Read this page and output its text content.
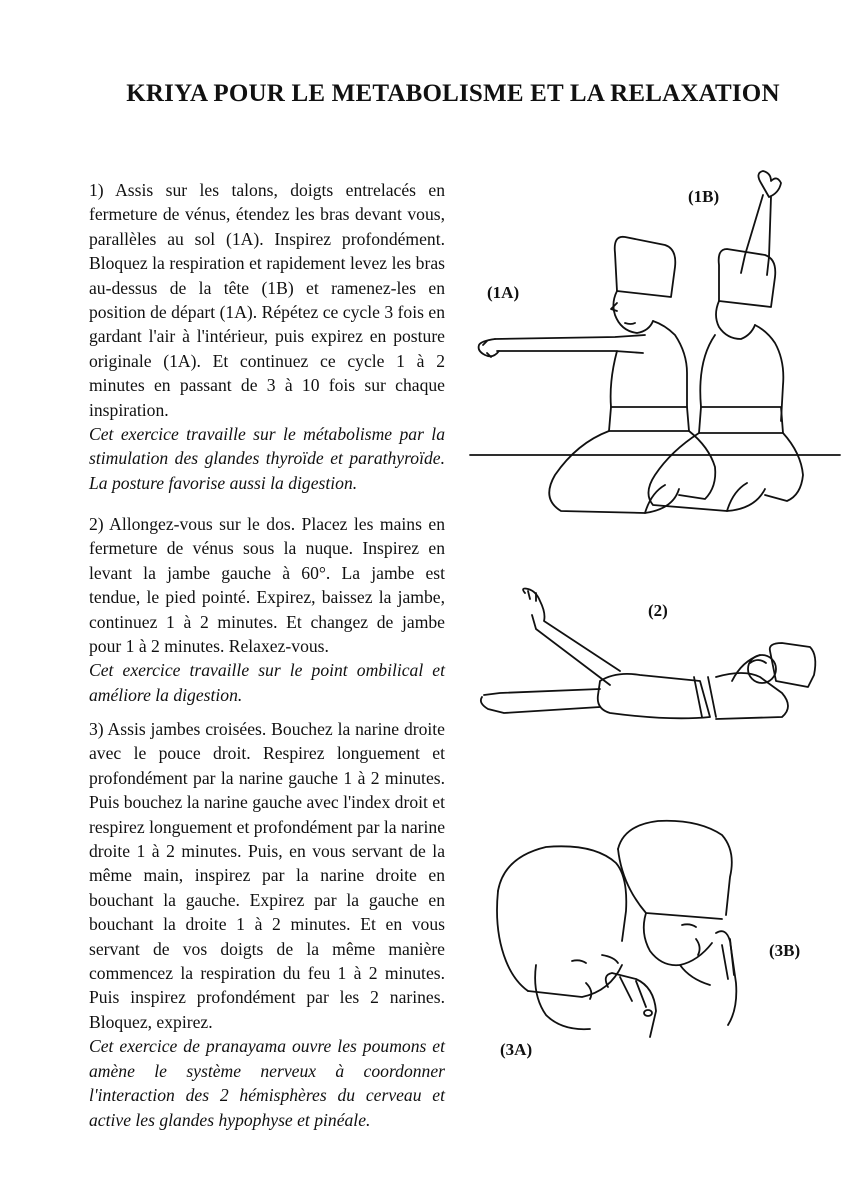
KRIYA POUR LE METABOLISME ET LA RELAXATION

1) Assis sur les talons, doigts entrelacés en fermeture de vénus, étendez les bras devant vous, parallèles au sol (1A). Inspirez profondément. Bloquez la respiration et rapidement levez les bras au-dessus de la tête (1B) et ramenez-les en position de départ (1A). Répétez ce cycle 3 fois en gardant l'air à l'intérieur, puis expirez en posture originale (1A). Et continuez ce cycle 1 à 2 minutes en passant de 3 à 10 fois sur chaque inspiration.

Cet exercice travaille sur le métabolisme par la stimulation des glandes thyroïde et parathyroïde. La posture favorise aussi la digestion.

2) Allongez-vous sur le dos. Placez les mains en fermeture de vénus sous la nuque. Inspirez en levant la jambe gauche à 60°. La jambe est tendue, le pied pointé. Expirez, baissez la jambe, continuez 1 à 2 minutes. Et changez de jambe pour 1 à 2 minutes. Relaxez-vous.

Cet exercice travaille sur le point ombilical et améliore la digestion.

3) Assis jambes croisées. Bouchez la narine droite avec le pouce droit. Respirez longuement et profondément par la narine gauche 1 à 2 minutes. Puis bouchez la narine gauche avec l'index droit et respirez longuement et profondément par la narine droite 1 à 2 minutes. Puis, en vous servant de la même main, inspirez par la narine droite en bouchant la gauche. Expirez par la gauche en bouchant la droite 1 à 2 minutes. Et en vous servant de vos doigts de la même manière commencez la respiration du feu 1 à 2 minutes. Puis inspirez profondément par les 2 narines. Bloquez, expirez.

Cet exercice de pranayama ouvre les poumons et amène le système nerveux à coordonner l'interaction des 2 hémisphères du cerveau et active les glandes hypophyse et pinéale.

(1B)
(1A)
(2)
(3B)
(3A)
